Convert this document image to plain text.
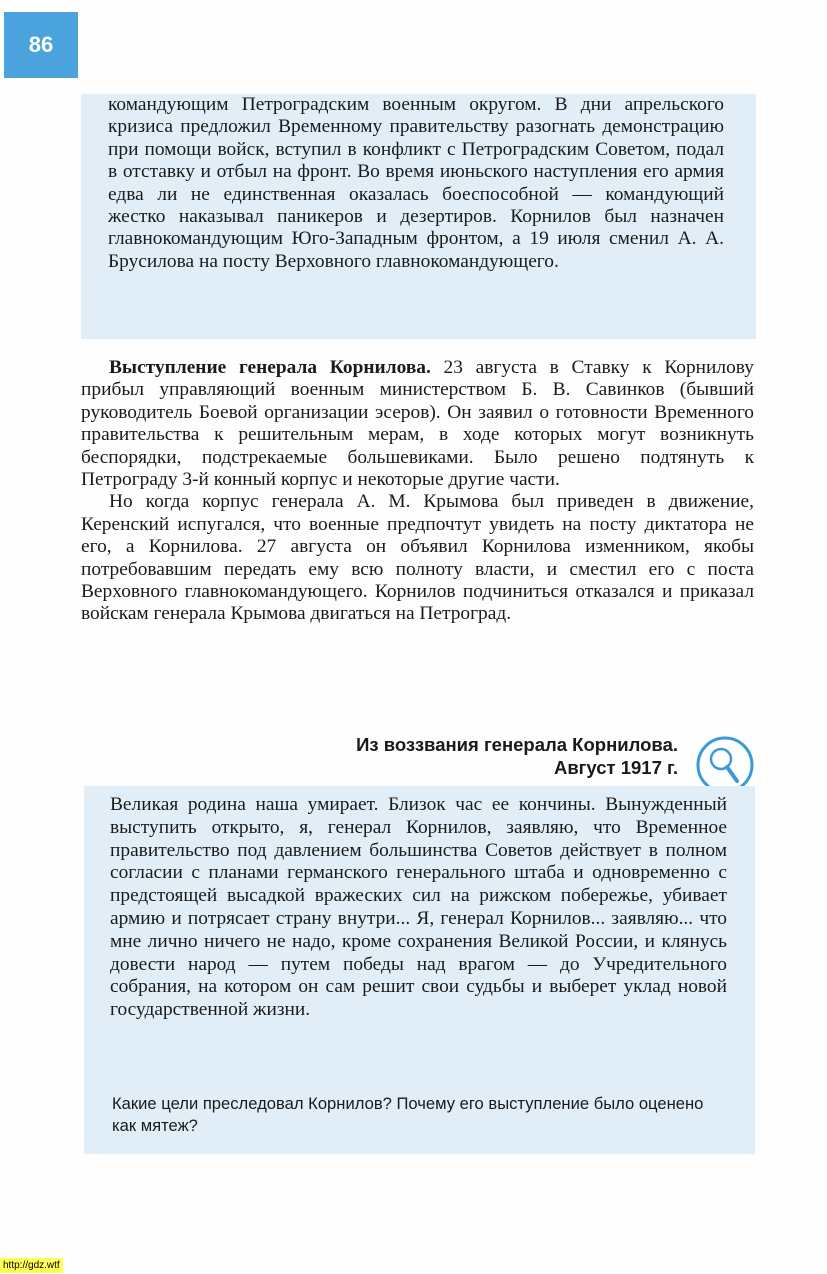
86
командующим Петроградским военным округом. В дни апрельского кризиса предложил Временному правительству разогнать демонстрацию при помощи войск, вступил в конфликт с Петроградским Советом, подал в отставку и отбыл на фронт. Во время июньского наступления его армия едва ли не единственная оказалась боеспособной — командующий жестко наказывал паникеров и дезертиров. Корнилов был назначен главнокомандующим Юго-Западным фронтом, а 19 июля сменил А. А. Брусилова на посту Верховного главнокомандующего.

Выступление генерала Корнилова. 23 августа в Ставку к Корнилову прибыл управляющий военным министерством Б. В. Савинков (бывший руководитель Боевой организации эсеров). Он заявил о готовности Временного правительства к решительным мерам, в ходе которых могут возникнуть беспорядки, подстрекаемые большевиками. Было решено подтянуть к Петрограду 3-й конный корпус и некоторые другие части.

Но когда корпус генерала А. М. Крымова был приведен в движение, Керенский испугался, что военные предпочтут увидеть на посту диктатора не его, а Корнилова. 27 августа он объявил Корнилова изменником, якобы потребовавшим передать ему всю полноту власти, и сместил его с поста Верховного главнокомандующего. Корнилов подчиниться отказался и приказал войскам генерала Крымова двигаться на Петроград.

Из воззвания генерала Корнилова.
Август 1917 г.
Великая родина наша умирает. Близок час ее кончины. Вынужденный выступить открыто, я, генерал Корнилов, заявляю, что Временное правительство под давлением большинства Советов действует в полном согласии с планами германского генерального штаба и одновременно с предстоящей высадкой вражеских сил на рижском побережье, убивает армию и потрясает страну внутри... Я, генерал Корнилов... заявляю... что мне лично ничего не надо, кроме сохранения Великой России, и клянусь довести народ — путем победы над врагом — до Учредительного собрания, на котором он сам решит свои судьбы и выберет уклад новой государственной жизни.
Какие цели преследовал Корнилов? Почему его выступление было оценено как мятеж?
http://gdz.wtf
